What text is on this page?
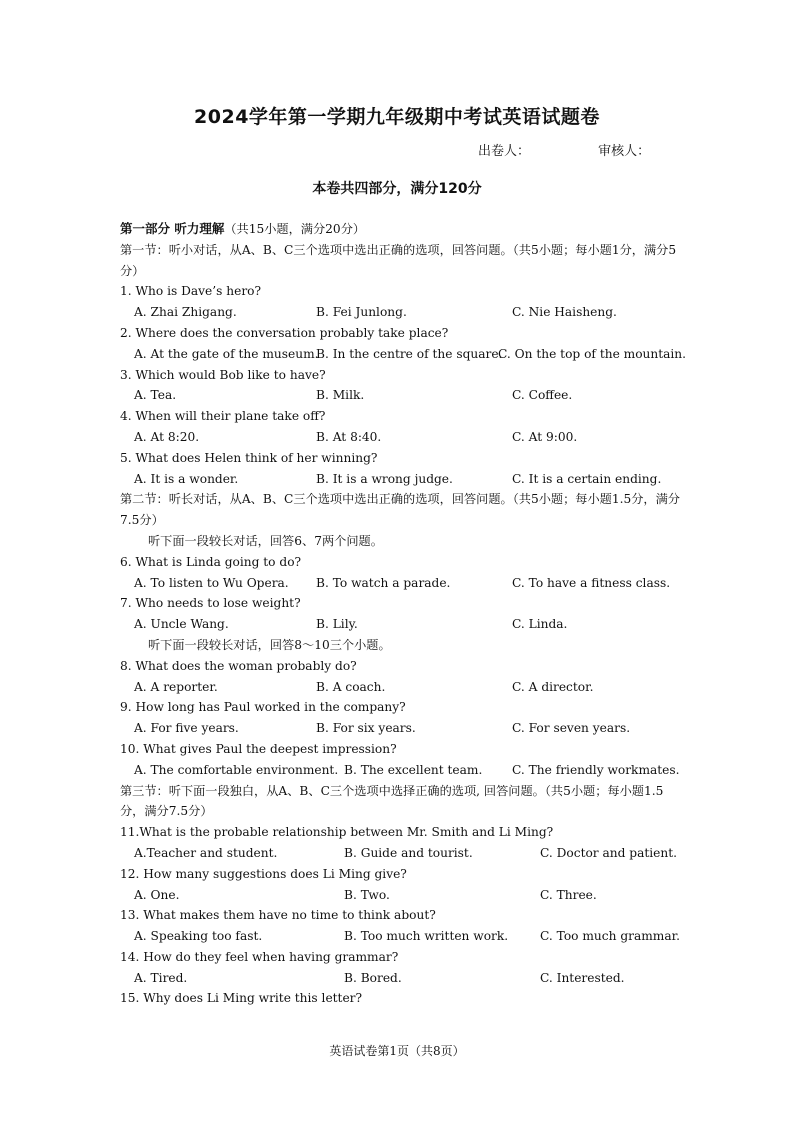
2024学年第一学期九年级期中考试英语试题卷
出卷人：	审核人：
本卷共四部分，满分120分
第一部分 听力理解（共15小题，满分20分）
第一节：听小对话，从A、B、C三个选项中选出正确的选项，回答问题。（共5小题；每小题1分，满分5分）
1. Who is Dave’s hero?
A. Zhai Zhigang.	B. Fei Junlong.	C. Nie Haisheng.
2. Where does the conversation probably take place?
A. At the gate of the museum.
B. In the centre of the square.
C. On the top of the mountain.
3. Which would Bob like to have?
A. Tea.	B. Milk.	C. Coffee.
4. When will their plane take off?
A. At 8:20.	B. At 8:40.	C. At 9:00.
5. What does Helen think of her winning?
A. It is a wonder.	B. It is a wrong judge.	C. It is a certain ending.
第二节：听长对话，从A、B、C三个选项中选出正确的选项，回答问题。（共5小题；每小题1.5分，满分7.5分）
听下面一段较长对话，回答6、7两个问题。
6. What is Linda going to do?
A. To listen to Wu Opera. B. To watch a parade.	C. To have a fitness class.
7. Who needs to lose weight?
A. Uncle Wang.	B. Lily.	C. Linda.
听下面一段较长对话，回答8～10三个小题。
8. What does the woman probably do?
A. A reporter.	B. A coach.	C. A director.
9. How long has Paul worked in the company?
A. For five years.	B. For six years.	C. For seven years.
10. What gives Paul the deepest impression?
A. The comfortable environment. B. The excellent team. C. The friendly workmates.
第三节：听下面一段独白，从A、B、C三个选项中选择正确的选项, 回答问题。（共5小题；每小题1.5分，满分7.5分）
11.What is the probable relationship between Mr. Smith and Li Ming?
A.Teacher and student.	B. Guide and tourist.	C. Doctor and patient.
12. How many suggestions does Li Ming give?
A. One.	B. Two.	C. Three.
13. What makes them have no time to think about?
A. Speaking too fast.	B. Too much written work.	C. Too much grammar.
14. How do they feel when having grammar?
A. Tired.	B. Bored.	C. Interested.
15. Why does Li Ming write this letter?
英语试卷第1页（共8页）
